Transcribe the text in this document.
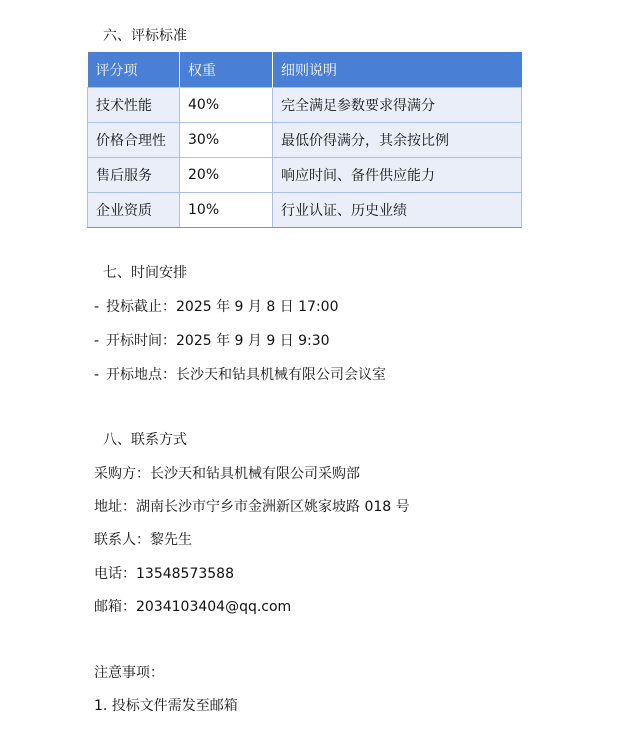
六、评标标准
评分项	权重	细则说明
技术性能	40%	完全满足参数要求得满分
价格合理性	30%	最低价得满分，其余按比例
售后服务	20%	响应时间、备件供应能力
企业资质	10%	行业认证、历史业绩
七、时间安排
- 投标截止：2025 年 9 月 8 日 17:00
- 开标时间：2025 年 9 月 9 日 9:30
- 开标地点：长沙天和钻具机械有限公司会议室
八、联系方式
采购方：长沙天和钻具机械有限公司采购部
地址：湖南长沙市宁乡市金洲新区姚家坡路 018 号
联系人：黎先生
电话：13548573588
邮箱：2034103404@qq.com
注意事项：
1. 投标文件需发至邮箱
